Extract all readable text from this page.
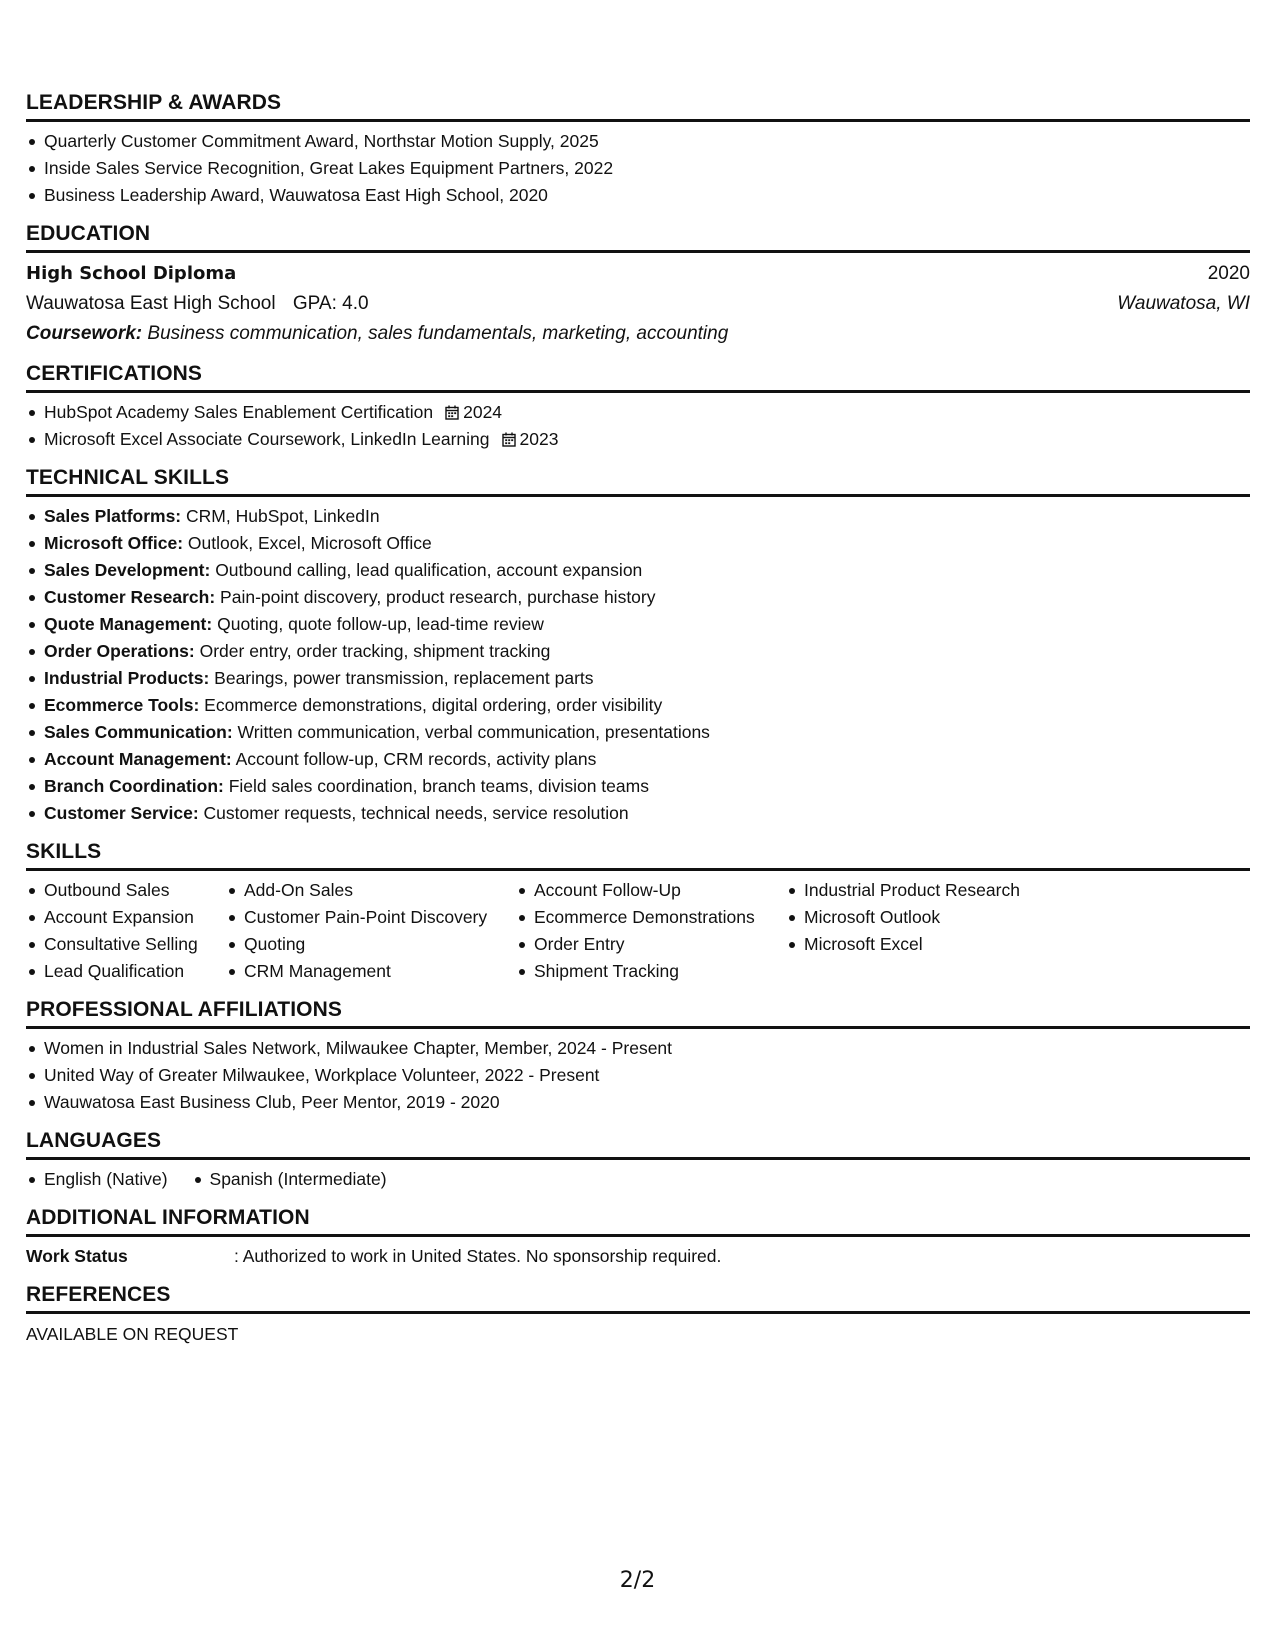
LEADERSHIP & AWARDS
Quarterly Customer Commitment Award, Northstar Motion Supply, 2025
Inside Sales Service Recognition, Great Lakes Equipment Partners, 2022
Business Leadership Award, Wauwatosa East High School, 2020
EDUCATION
High School Diploma	2020
Wauwatosa East High School GPA: 4.0	Wauwatosa, WI
Coursework: Business communication, sales fundamentals, marketing, accounting
CERTIFICATIONS
HubSpot Academy Sales Enablement Certification 2024
Microsoft Excel Associate Coursework, LinkedIn Learning 2023
TECHNICAL SKILLS
Sales Platforms: CRM, HubSpot, LinkedIn
Microsoft Office: Outlook, Excel, Microsoft Office
Sales Development: Outbound calling, lead qualification, account expansion
Customer Research: Pain-point discovery, product research, purchase history
Quote Management: Quoting, quote follow-up, lead-time review
Order Operations: Order entry, order tracking, shipment tracking
Industrial Products: Bearings, power transmission, replacement parts
Ecommerce Tools: Ecommerce demonstrations, digital ordering, order visibility
Sales Communication: Written communication, verbal communication, presentations
Account Management: Account follow-up, CRM records, activity plans
Branch Coordination: Field sales coordination, branch teams, division teams
Customer Service: Customer requests, technical needs, service resolution
SKILLS
Outbound Sales
Account Expansion
Consultative Selling
Lead Qualification
Add-On Sales
Customer Pain-Point Discovery
Quoting
CRM Management
Account Follow-Up
Ecommerce Demonstrations
Order Entry
Shipment Tracking
Industrial Product Research
Microsoft Outlook
Microsoft Excel
PROFESSIONAL AFFILIATIONS
Women in Industrial Sales Network, Milwaukee Chapter, Member, 2024 - Present
United Way of Greater Milwaukee, Workplace Volunteer, 2022 - Present
Wauwatosa East Business Club, Peer Mentor, 2019 - 2020
LANGUAGES
English (Native)	Spanish (Intermediate)
ADDITIONAL INFORMATION
Work Status	: Authorized to work in United States. No sponsorship required.
REFERENCES
AVAILABLE ON REQUEST
2/2
